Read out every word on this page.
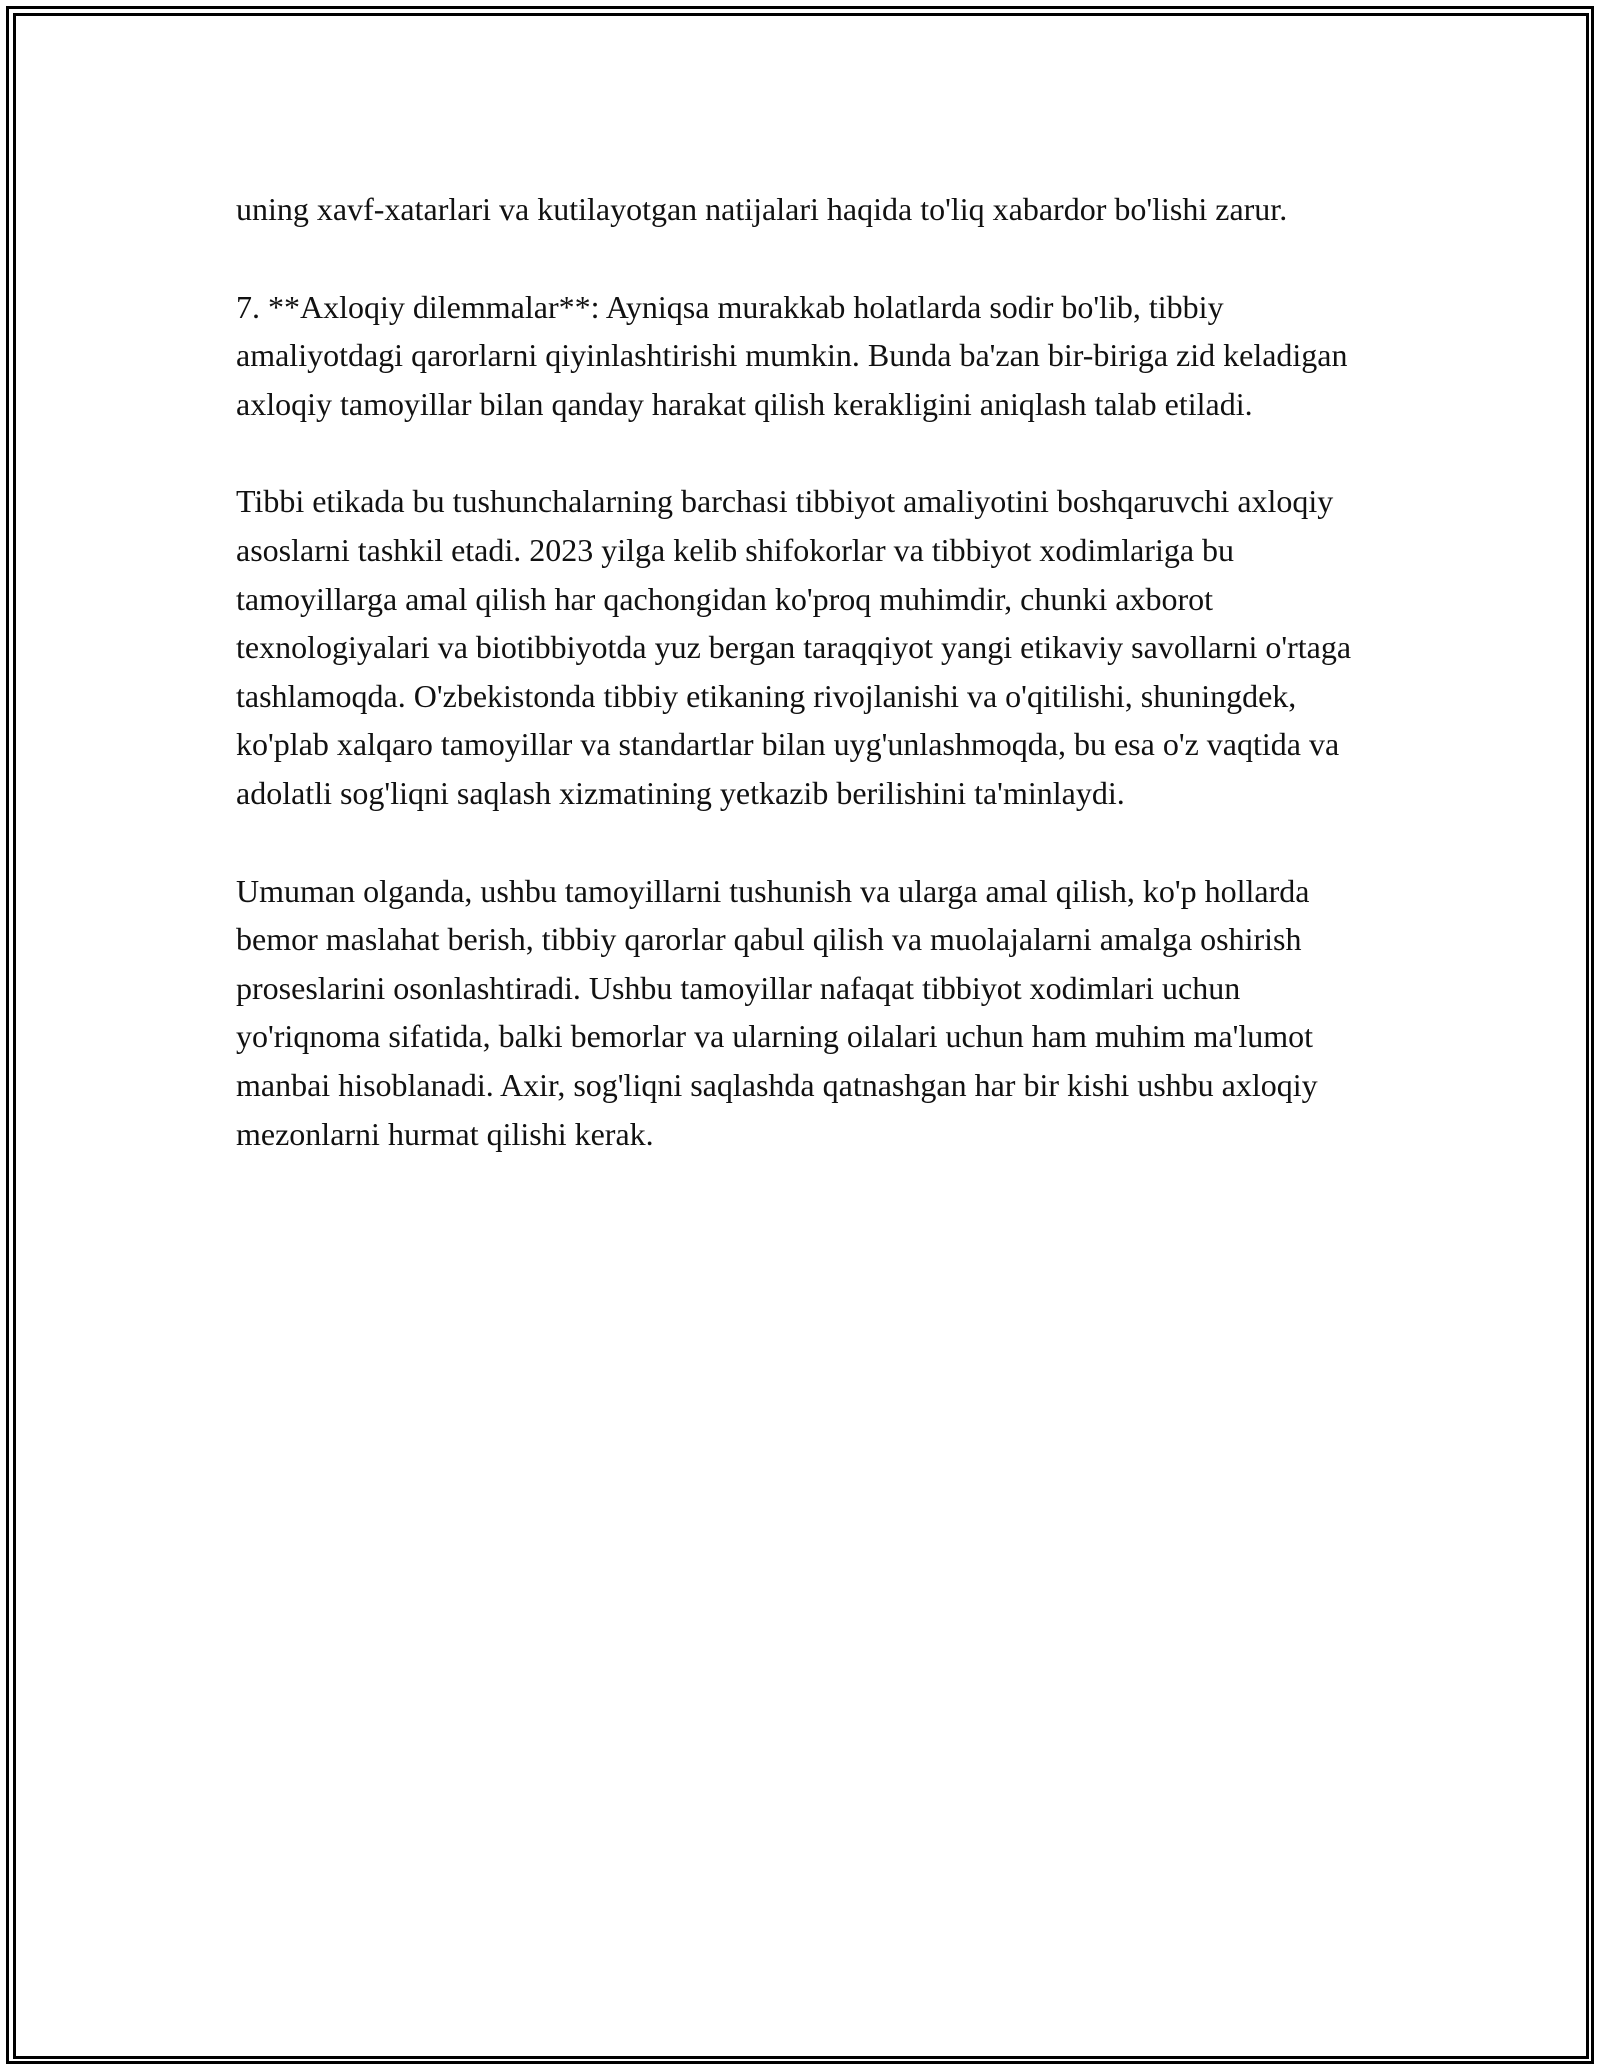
uning xavf-xatarlari va kutilayotgan natijalari haqida to'liq xabardor bo'lishi zarur.

7. **Axloqiy dilemmalar**: Ayniqsa murakkab holatlarda sodir bo'lib, tibbiy amaliyotdagi qarorlarni qiyinlashtirishi mumkin. Bunda ba'zan bir-biriga zid keladigan axloqiy tamoyillar bilan qanday harakat qilish kerakligini aniqlash talab etiladi.

Tibbi etikada bu tushunchalarning barchasi tibbiyot amaliyotini boshqaruvchi axloqiy asoslarni tashkil etadi. 2023 yilga kelib shifokorlar va tibbiyot xodimlariga bu tamoyillarga amal qilish har qachongidan ko'proq muhimdir, chunki axborot texnologiyalari va biotibbiyotda yuz bergan taraqqiyot yangi etikaviy savollarni o'rtaga tashlamoqda. O'zbekistonda tibbiy etikaning rivojlanishi va o'qitilishi, shuningdek, ko'plab xalqaro tamoyillar va standartlar bilan uyg'unlashmoqda, bu esa o'z vaqtida va adolatli sog'liqni saqlash xizmatining yetkazib berilishini ta'minlaydi.

Umuman olganda, ushbu tamoyillarni tushunish va ularga amal qilish, ko'p hollarda bemor maslahat berish, tibbiy qarorlar qabul qilish va muolajalarni amalga oshirish proseslarini osonlashtiradi. Ushbu tamoyillar nafaqat tibbiyot xodimlari uchun yo'riqnoma sifatida, balki bemorlar va ularning oilalari uchun ham muhim ma'lumot manbai hisoblanadi. Axir, sog'liqni saqlashda qatnashgan har bir kishi ushbu axloqiy mezonlarni hurmat qilishi kerak.
